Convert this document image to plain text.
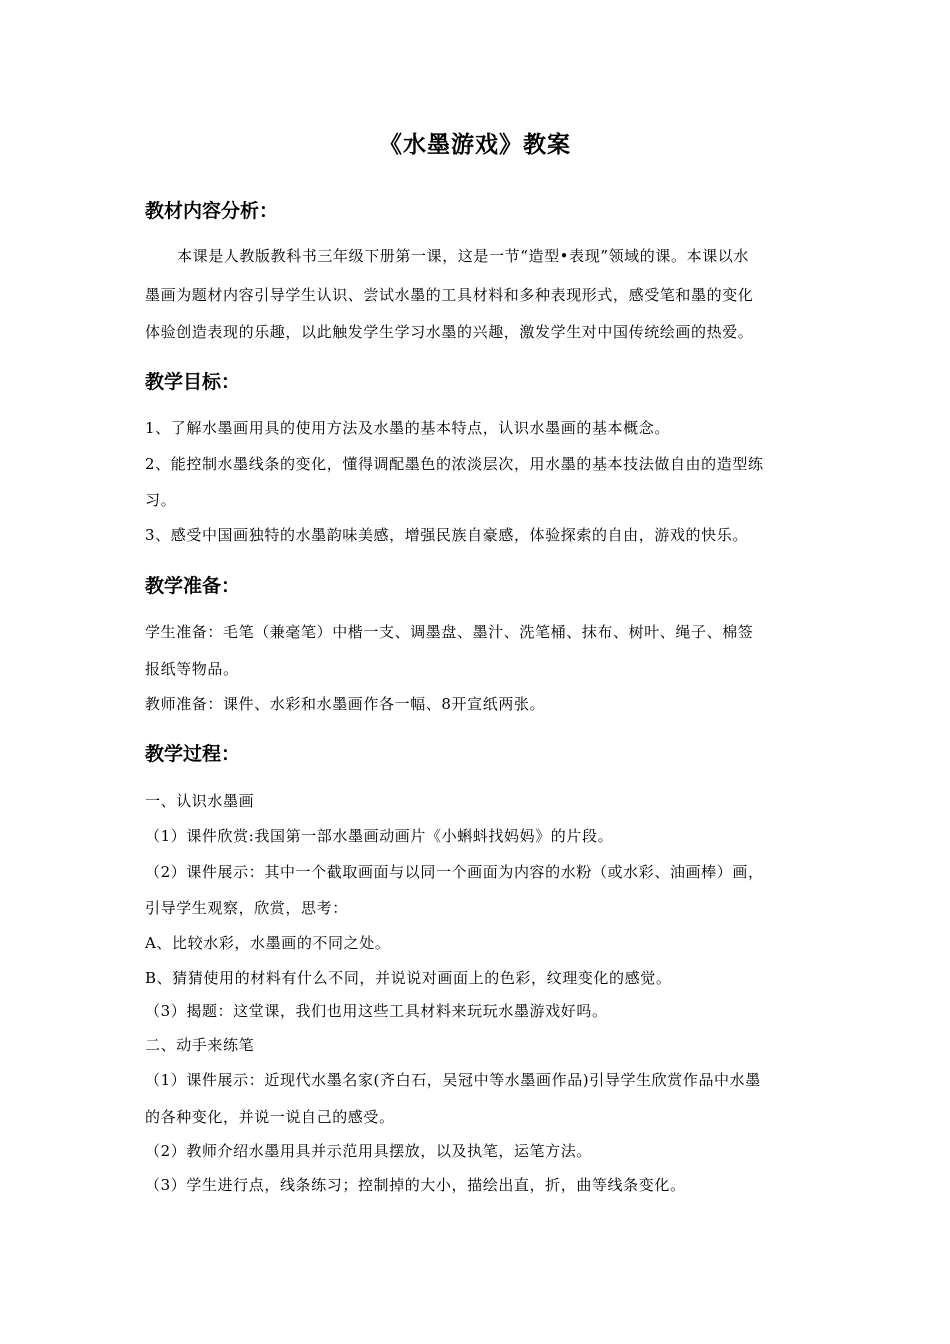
《水墨游戏》教案
教材内容分析：
本课是人教版教科书三年级下册第一课，这是一节“造型•表现”领域的课。本课以水
墨画为题材内容引导学生认识、尝试水墨的工具材料和多种表现形式，感受笔和墨的变化
体验创造表现的乐趣，以此触发学生学习水墨的兴趣，激发学生对中国传统绘画的热爱。
教学目标：
1、了解水墨画用具的使用方法及水墨的基本特点，认识水墨画的基本概念。
2、能控制水墨线条的变化，懂得调配墨色的浓淡层次，用水墨的基本技法做自由的造型练
习。
3、感受中国画独特的水墨韵味美感，增强民族自豪感，体验探索的自由，游戏的快乐。
教学准备：
学生准备：毛笔（兼毫笔）中楷一支、调墨盘、墨汁、洗笔桶、抹布、树叶、绳子、棉签
报纸等物品。
教师准备：课件、水彩和水墨画作各一幅、8开宣纸两张。
教学过程：
一、认识水墨画
（1）课件欣赏:我国第一部水墨画动画片《小蝌蚪找妈妈》的片段。
（2）课件展示：其中一个截取画面与以同一个画面为内容的水粉（或水彩、油画棒）画，
引导学生观察，欣赏，思考：
A、比较水彩，水墨画的不同之处。
B、猜猜使用的材料有什么不同，并说说对画面上的色彩，纹理变化的感觉。
（3）揭题：这堂课，我们也用这些工具材料来玩玩水墨游戏好吗。
二、动手来练笔
（1）课件展示：近现代水墨名家(齐白石，吴冠中等水墨画作品)引导学生欣赏作品中水墨
的各种变化，并说一说自己的感受。
（2）教师介绍水墨用具并示范用具摆放，以及执笔，运笔方法。
（3）学生进行点，线条练习；控制掉的大小，描绘出直，折，曲等线条变化。
